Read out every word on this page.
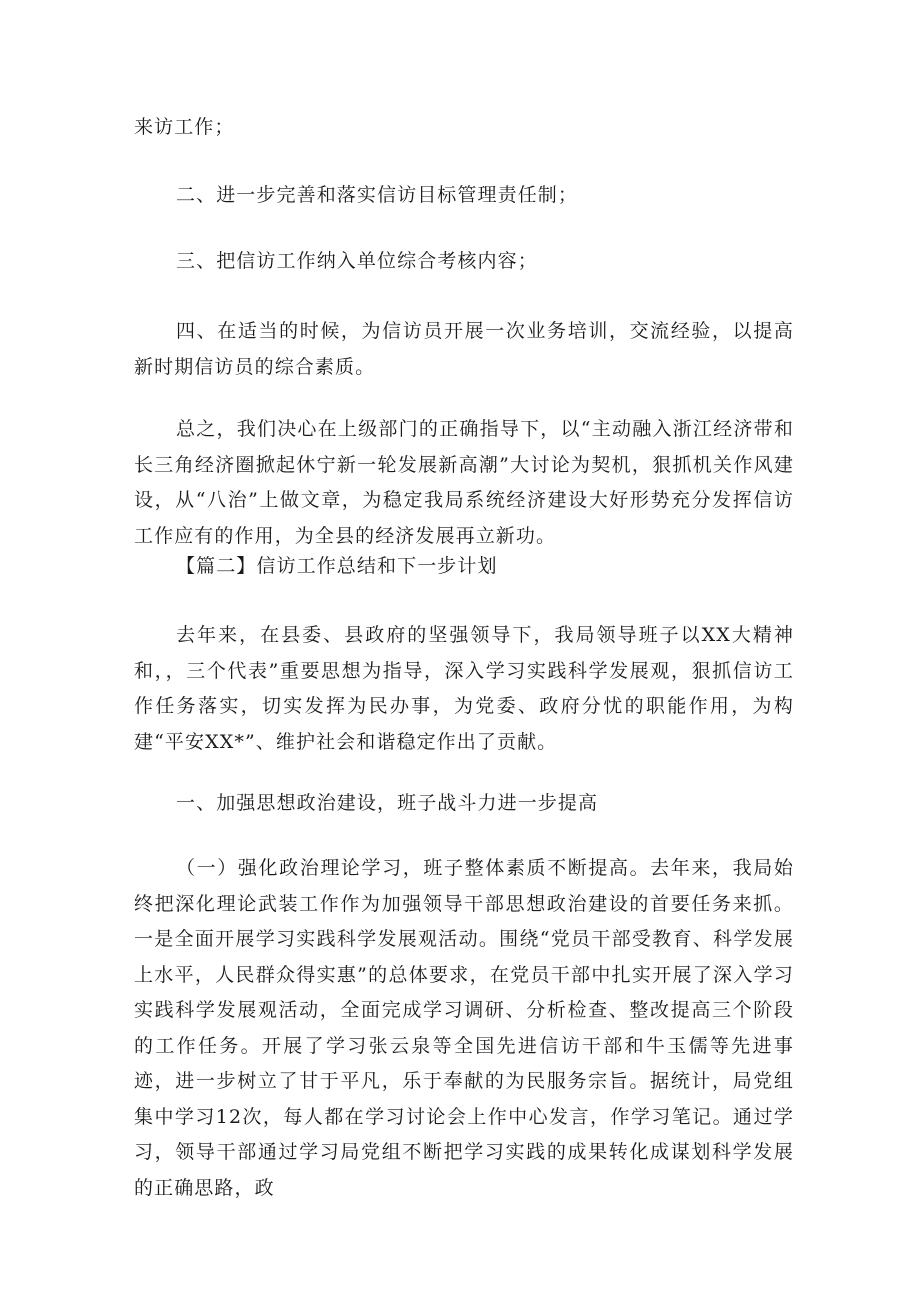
来访工作；

二、进一步完善和落实信访目标管理责任制；

三、把信访工作纳入单位综合考核内容；

四、在适当的时候，为信访员开展一次业务培训，交流经验，以提高新时期信访员的综合素质。

总之，我们决心在上级部门的正确指导下，以“主动融入浙江经济带和长三角经济圈掀起休宁新一轮发展新高潮”大讨论为契机，狠抓机关作风建设，从“八治”上做文章，为稳定我局系统经济建设大好形势充分发挥信访工作应有的作用，为全县的经济发展再立新功。

【篇二】信访工作总结和下一步计划

去年来，在县委、县政府的坚强领导下，我局领导班子以XX大精神和，，三个代表”重要思想为指导，深入学习实践科学发展观，狠抓信访工作任务落实，切实发挥为民办事，为党委、政府分忧的职能作用，为构建“平安XX*”、维护社会和谐稳定作出了贡献。

一、加强思想政治建设，班子战斗力进一步提高

（一）强化政治理论学习，班子整体素质不断提高。去年来，我局始终把深化理论武装工作作为加强领导干部思想政治建设的首要任务来抓。一是全面开展学习实践科学发展观活动。围绕“党员干部受教育、科学发展上水平，人民群众得实惠”的总体要求，在党员干部中扎实开展了深入学习实践科学发展观活动，全面完成学习调研、分析检查、整改提高三个阶段的工作任务。开展了学习张云泉等全国先进信访干部和牛玉儒等先进事迹，进一步树立了甘于平凡，乐于奉献的为民服务宗旨。据统计，局党组集中学习12次，每人都在学习讨论会上作中心发言，作学习笔记。通过学习，领导干部通过学习局党组不断把学习实践的成果转化成谋划科学发展的正确思路，政
